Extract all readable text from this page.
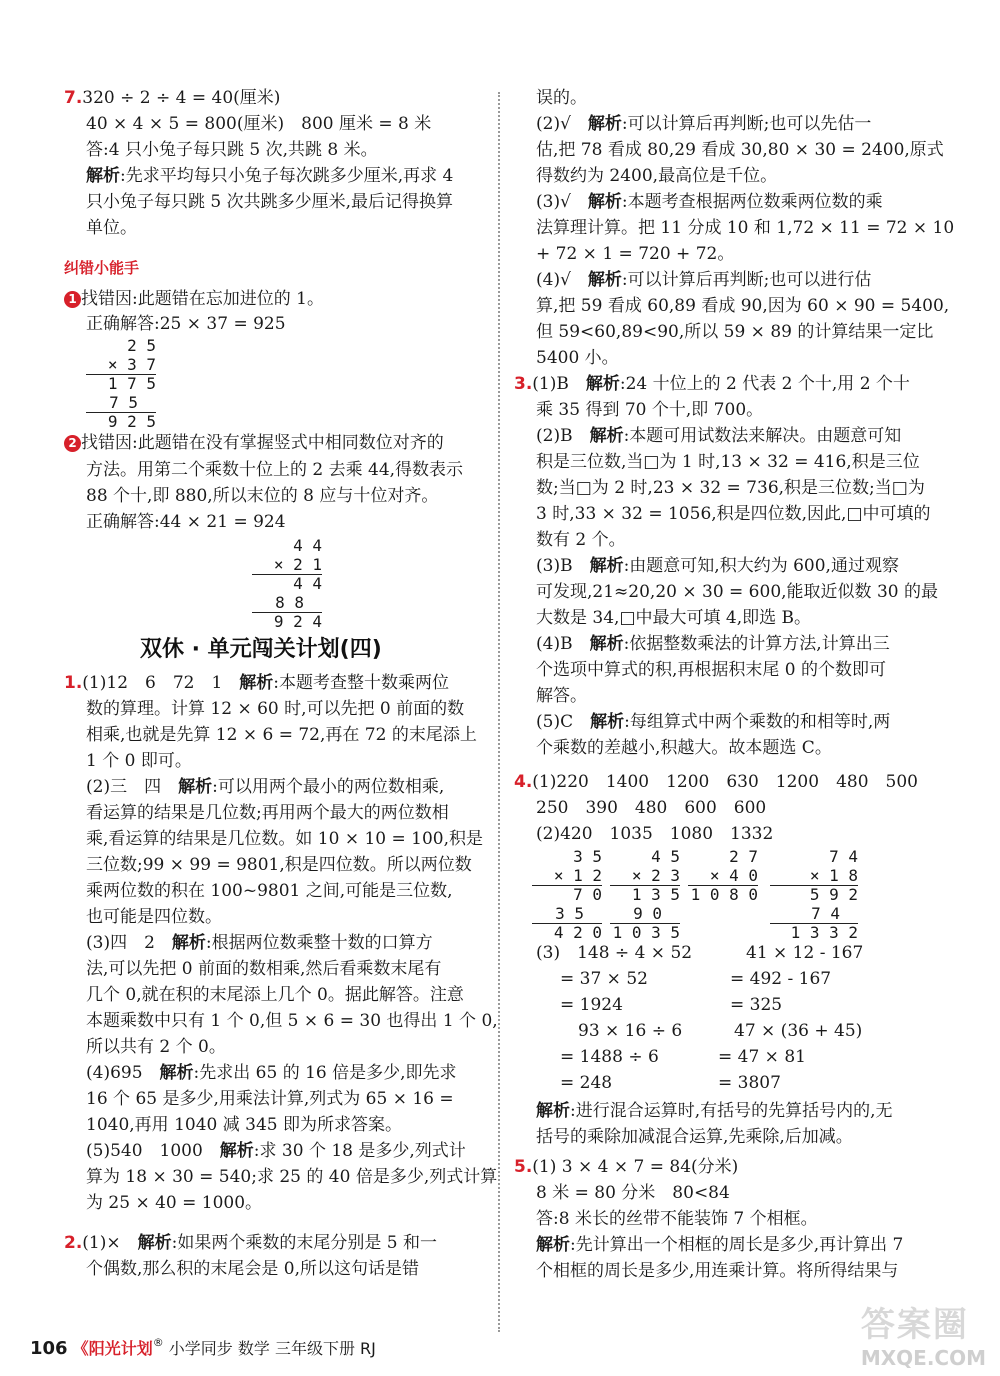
7.320 ÷ 2 ÷ 4 = 40(厘米)
40 × 4 × 5 = 800(厘米)　800 厘米 = 8 米
答:4 只小兔子每只跳 5 次,共跳 8 米。
解析:先求平均每只小兔子每次跳多少厘米,再求 4
只小兔子每只跳 5 次共跳多少厘米,最后记得换算
单位。
纠错小能手
1 找错因:此题错在忘加进位的 1。
正确解答:25 × 37 = 925
2 5
× 3 7
1 7 5
7 5
9 2 5
2 找错因:此题错在没有掌握竖式中相同数位对齐的
方法。用第二个乘数十位上的 2 去乘 44,得数表示
88 个十,即 880,所以末位的 8 应与十位对齐。
正确解答:44 × 21 = 924
4 4
× 2 1
4 4
8 8
9 2 4
双休 · 单元闯关计划(四)
1.(1)12　6　72　1　解析:本题考查整十数乘两位
数的算理。计算 12 × 60 时,可以先把 0 前面的数
相乘,也就是先算 12 × 6 = 72,再在 72 的末尾添上
1 个 0 即可。
(2)三　四　解析:可以用两个最小的两位数相乘,
看运算的结果是几位数;再用两个最大的两位数相
乘,看运算的结果是几位数。如 10 × 10 = 100,积是
三位数;99 × 99 = 9801,积是四位数。所以两位数
乘两位数的积在 100~9801 之间,可能是三位数,
也可能是四位数。
(3)四　2　解析:根据两位数乘整十数的口算方
法,可以先把 0 前面的数相乘,然后看乘数末尾有
几个 0,就在积的末尾添上几个 0。据此解答。注意
本题乘数中只有 1 个 0,但 5 × 6 = 30 也得出 1 个 0,
所以共有 2 个 0。
(4)695　解析:先求出 65 的 16 倍是多少,即先求
16 个 65 是多少,用乘法计算,列式为 65 × 16 =
1040,再用 1040 减 345 即为所求答案。
(5)540　1000　解析:求 30 个 18 是多少,列式计
算为 18 × 30 = 540;求 25 的 40 倍是多少,列式计算
为 25 × 40 = 1000。
2.(1)×　解析:如果两个乘数的末尾分别是 5 和一
个偶数,那么积的末尾会是 0,所以这句话是错
误的。
(2)√　解析:可以计算后再判断;也可以先估一
估,把 78 看成 80,29 看成 30,80 × 30 = 2400,原式
得数约为 2400,最高位是千位。
(3)√　解析:本题考查根据两位数乘两位数的乘
法算理计算。把 11 分成 10 和 1,72 × 11 = 72 × 10
+ 72 × 1 = 720 + 72。
(4)√　解析:可以计算后再判断;也可以进行估
算,把 59 看成 60,89 看成 90,因为 60 × 90 = 5400,
但 59<60,89<90,所以 59 × 89 的计算结果一定比
5400 小。
3.(1)B　解析:24 十位上的 2 代表 2 个十,用 2 个十
乘 35 得到 70 个十,即 700。
(2)B　解析:本题可用试数法来解决。由题意可知
积是三位数,当□为 1 时,13 × 32 = 416,积是三位
数;当□为 2 时,23 × 32 = 736,积是三位数;当□为
3 时,33 × 32 = 1056,积是四位数,因此,□中可填的
数有 2 个。
(3)B　解析:由题意可知,积大约为 600,通过观察
可发现,21≈20,20 × 30 = 600,能取近似数 30 的最
大数是 34,□中最大可填 4,即选 B。
(4)B　解析:依据整数乘法的计算方法,计算出三
个选项中算式的积,再根据积末尾 0 的个数即可
解答。
(5)C　解析:每组算式中两个乘数的和相等时,两
个乘数的差越小,积越大。故本题选 C。
4.(1)220　1400　1200　630　1200　480　500
250　390　480　600　600
(2)420　1035　1080　1332
3 5
× 1 2
7 0
3 5
4 2 0
4 5
× 2 3
1 3 5
9 0
1 0 3 5
2 7
× 4 0
1 0 8 0
7 4
× 1 8
5 9 2
7 4
1 3 3 2
(3)　148 ÷ 4 × 52
= 37 × 52
= 1924
93 × 16 ÷ 6
= 1488 ÷ 6
= 248
41 × 12 - 167
= 492 - 167
= 325
47 × (36 + 45)
= 47 × 81
= 3807
解析:进行混合运算时,有括号的先算括号内的,无
括号的乘除加减混合运算,先乘除,后加减。
5.(1) 3 × 4 × 7 = 84(分米)
8 米 = 80 分米　80<84
答:8 米长的丝带不能装饰 7 个相框。
解析:先计算出一个相框的周长是多少,再计算出 7
个相框的周长是多少,用连乘计算。将所得结果与
106 《阳光计划® 小学同步 数学 三年级下册 RJ
答案圈
MXQE.COM
